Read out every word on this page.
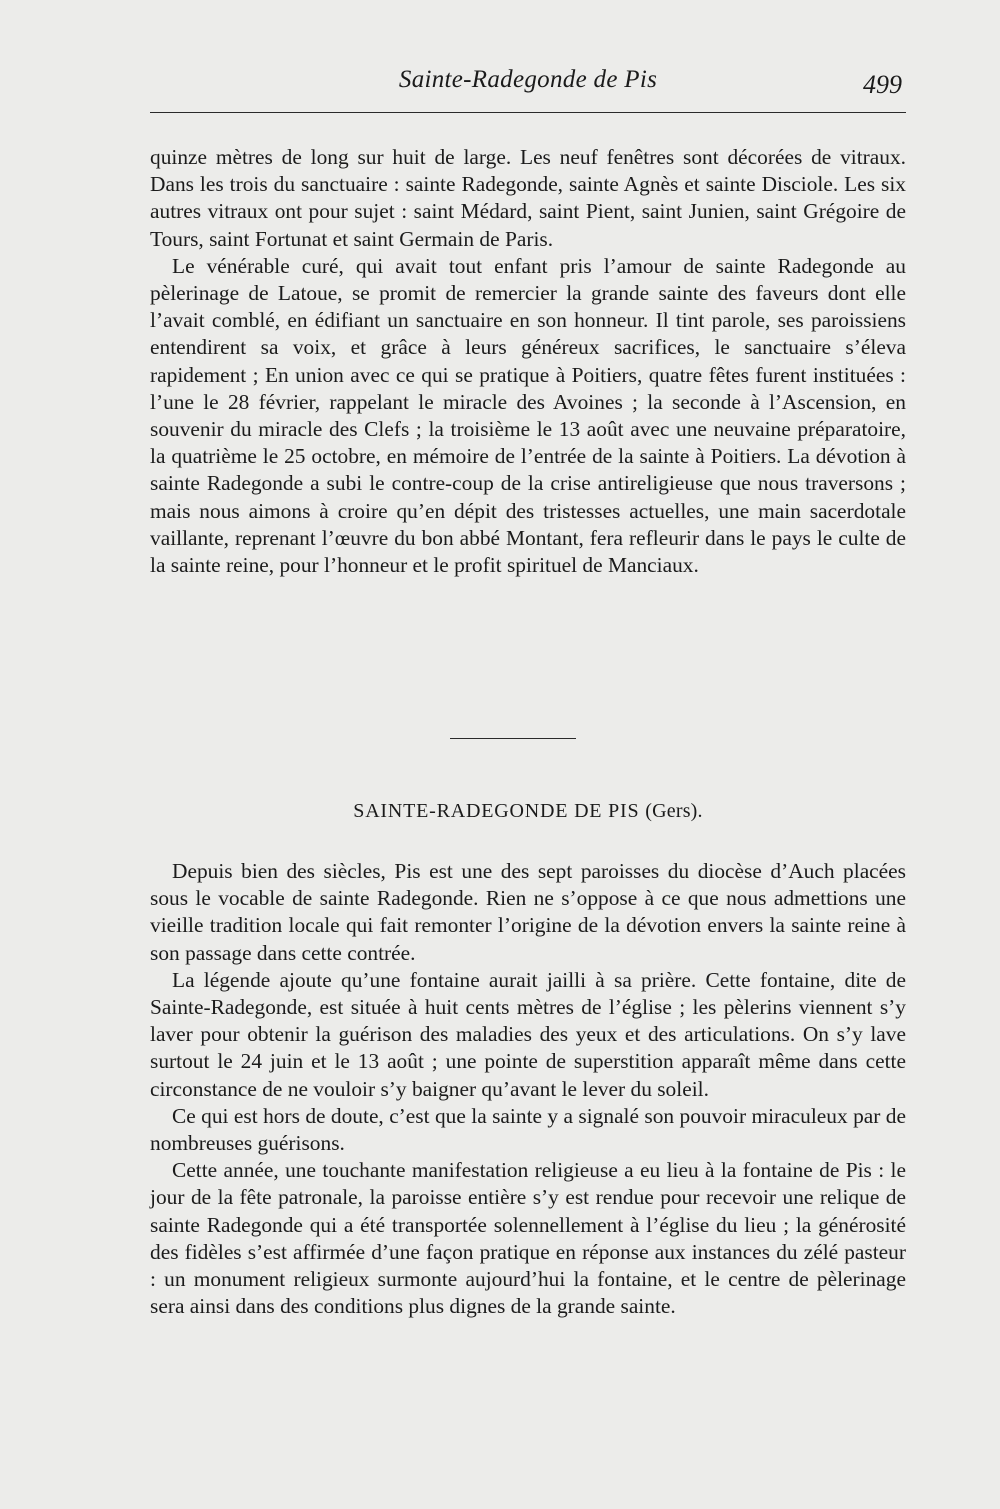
Sainte-Radegonde de Pis	499

quinze mètres de long sur huit de large. Les neuf fenêtres sont décorées de vitraux. Dans les trois du sanctuaire : sainte Radegonde, sainte Agnès et sainte Disciole. Les six autres vitraux ont pour sujet : saint Médard, saint Pient, saint Junien, saint Grégoire de Tours, saint Fortunat et saint Germain de Paris.

Le vénérable curé, qui avait tout enfant pris l’amour de sainte Radegonde au pèlerinage de Latoue, se promit de remercier la grande sainte des faveurs dont elle l’avait comblé, en édifiant un sanctuaire en son honneur. Il tint parole, ses paroissiens entendirent sa voix, et grâce à leurs généreux sacrifices, le sanctuaire s’éleva rapidement ; En union avec ce qui se pratique à Poitiers, quatre fêtes furent instituées : l’une le 28 février, rappelant le miracle des Avoines ; la seconde à l’Ascension, en souvenir du miracle des Clefs ; la troisième le 13 août avec une neuvaine préparatoire, la quatrième le 25 octobre, en mémoire de l’entrée de la sainte à Poitiers. La dévotion à sainte Radegonde a subi le contre-coup de la crise antireligieuse que nous traversons ; mais nous aimons à croire qu’en dépit des tristesses actuelles, une main sacerdotale vaillante, reprenant l’œuvre du bon abbé Montant, fera refleurir dans le pays le culte de la sainte reine, pour l’honneur et le profit spirituel de Manciaux.

SAINTE-RADEGONDE DE PIS (Gers).

Depuis bien des siècles, Pis est une des sept paroisses du diocèse d’Auch placées sous le vocable de sainte Radegonde. Rien ne s’oppose à ce que nous admettions une vieille tradition locale qui fait remonter l’origine de la dévotion envers la sainte reine à son passage dans cette contrée.

La légende ajoute qu’une fontaine aurait jailli à sa prière. Cette fontaine, dite de Sainte-Radegonde, est située à huit cents mètres de l’église ; les pèlerins viennent s’y laver pour obtenir la guérison des maladies des yeux et des articulations. On s’y lave surtout le 24 juin et le 13 août ; une pointe de superstition apparaît même dans cette circonstance de ne vouloir s’y baigner qu’avant le lever du soleil.

Ce qui est hors de doute, c’est que la sainte y a signalé son pouvoir miraculeux par de nombreuses guérisons.

Cette année, une touchante manifestation religieuse a eu lieu à la fontaine de Pis : le jour de la fête patronale, la paroisse entière s’y est rendue pour recevoir une relique de sainte Radegonde qui a été transportée solennellement à l’église du lieu ; la générosité des fidèles s’est affirmée d’une façon pratique en réponse aux instances du zélé pasteur : un monument religieux surmonte aujourd’hui la fontaine, et le centre de pèlerinage sera ainsi dans des conditions plus dignes de la grande sainte.
